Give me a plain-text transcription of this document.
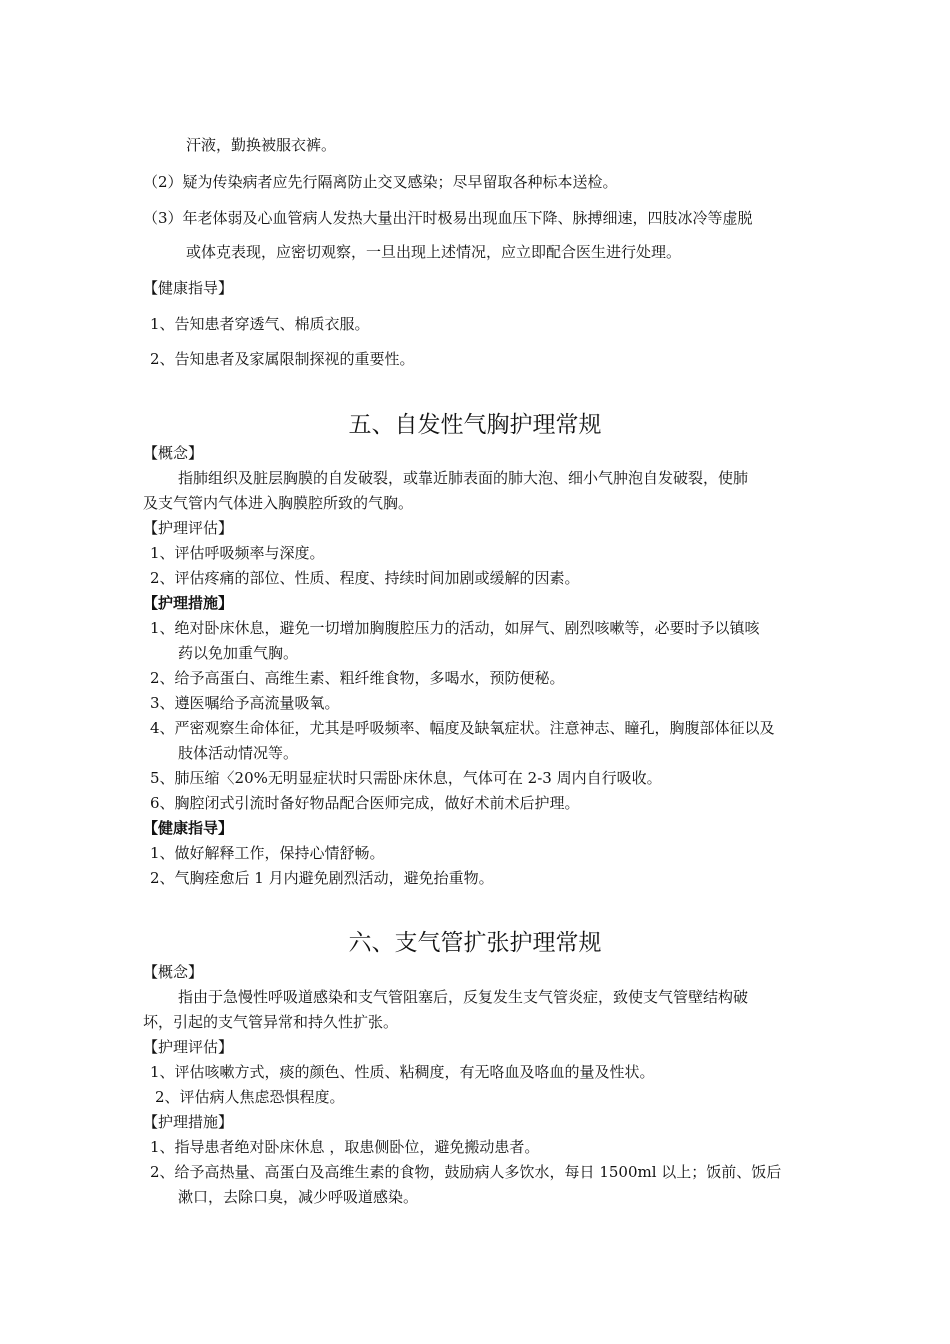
汗液，勤换被服衣裤。
（2）疑为传染病者应先行隔离防止交叉感染；尽早留取各种标本送检。
（3）年老体弱及心血管病人发热大量出汗时极易出现血压下降、脉搏细速，四肢冰冷等虚脱
或体克表现，应密切观察，一旦出现上述情况，应立即配合医生进行处理。
【健康指导】
1、告知患者穿透气、棉质衣服。
2、告知患者及家属限制探视的重要性。
五、自发性气胸护理常规
【概念】
指肺组织及脏层胸膜的自发破裂，或靠近肺表面的肺大泡、细小气肿泡自发破裂，使肺
及支气管内气体进入胸膜腔所致的气胸。
【护理评估】
1、评估呼吸频率与深度。
2、评估疼痛的部位、性质、程度、持续时间加剧或缓解的因素。
【护理措施】
1、绝对卧床休息，避免一切增加胸腹腔压力的活动，如屏气、剧烈咳嗽等，必要时予以镇咳
药以免加重气胸。
2、给予高蛋白、高维生素、粗纤维食物，多喝水，预防便秘。
3、遵医嘱给予高流量吸氧。
4、严密观察生命体征，尤其是呼吸频率、幅度及缺氧症状。注意神志、瞳孔，胸腹部体征以及
肢体活动情况等。
5、肺压缩〈20%无明显症状时只需卧床休息，气体可在 2-3 周内自行吸收。
6、胸腔闭式引流时备好物品配合医师完成，做好术前术后护理。
【健康指导】
1、做好解释工作，保持心情舒畅。
2、气胸痊愈后 1 月内避免剧烈活动，避免抬重物。
六、支气管扩张护理常规
【概念】
指由于急慢性呼吸道感染和支气管阻塞后，反复发生支气管炎症，致使支气管壁结构破
坏，引起的支气管异常和持久性扩张。
【护理评估】
1、评估咳嗽方式，痰的颜色、性质、粘稠度，有无咯血及咯血的量及性状。
2、评估病人焦虑恐惧程度。
【护理措施】
1、指导患者绝对卧床休息 ，取患侧卧位，避免搬动患者。
2、给予高热量、高蛋白及高维生素的食物，鼓励病人多饮水，每日 1500ml 以上；饭前、饭后
漱口，去除口臭，减少呼吸道感染。
